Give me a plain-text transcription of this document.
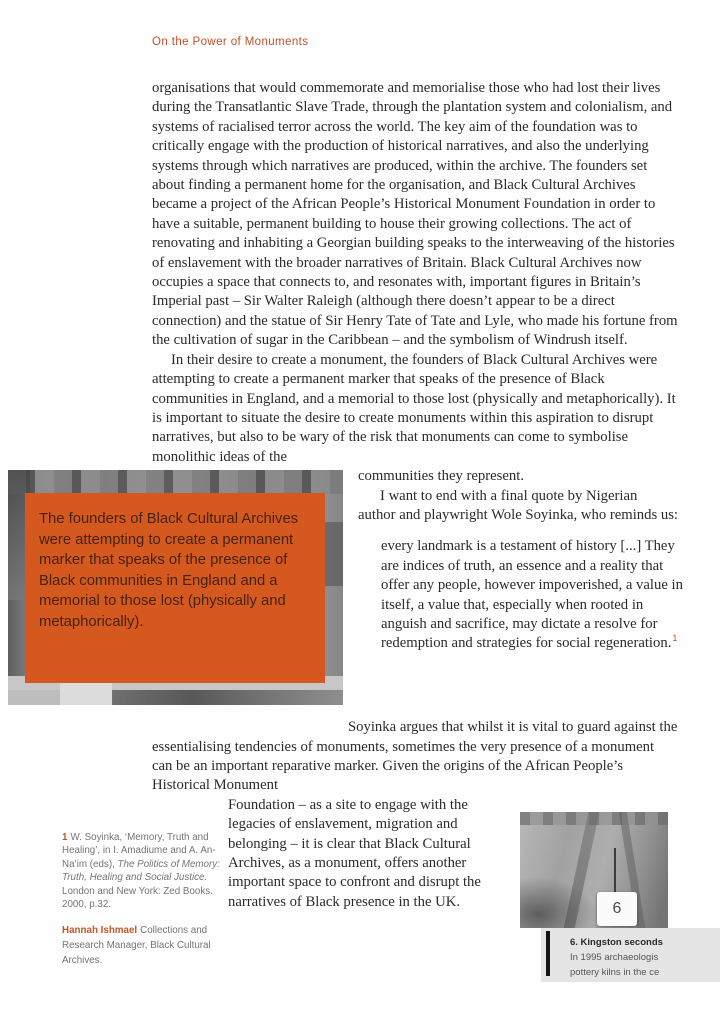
On the Power of Monuments

organisations that would commemorate and memorialise those who had lost their lives during the Transatlantic Slave Trade, through the plantation system and colonialism, and systems of racialised terror across the world. The key aim of the foundation was to critically engage with the production of historical narratives, and also the underlying systems through which narratives are produced, within the archive. The founders set about finding a permanent home for the organisation, and Black Cultural Archives became a project of the African People’s Historical Monument Foundation in order to have a suitable, permanent building to house their growing collections. The act of renovating and inhabiting a Georgian building speaks to the interweaving of the histories of enslavement with the broader narratives of Britain. Black Cultural Archives now occupies a space that connects to, and resonates with, important figures in Britain’s Imperial past – Sir Walter Raleigh (although there doesn’t appear to be a direct connection) and the statue of Sir Henry Tate of Tate and Lyle, who made his fortune from the cultivation of sugar in the Caribbean – and the symbolism of Windrush itself.

In their desire to create a monument, the founders of Black Cultural Archives were attempting to create a permanent marker that speaks of the presence of Black communities in England, and a memorial to those lost (physically and metaphorically). It is important to situate the desire to create monuments within this aspiration to disrupt narratives, but also to be wary of the risk that monuments can come to symbolise monolithic ideas of the

The founders of Black Cultural Archives were attempting to create a permanent marker that speaks of the presence of Black communities in England and a memorial to those lost (physically and metaphorically).

communities they represent.

I want to end with a final quote by Nigerian author and playwright Wole Soyinka, who reminds us:

every landmark is a testament of history [...] They are indices of truth, an essence and a reality that offer any people, however impoverished, a value in itself, a value that, especially when rooted in anguish and sacrifice, may dictate a resolve for redemption and strategies for social regeneration.$^1$

Soyinka argues that whilst it is vital to guard against the essentialising tendencies of monuments, sometimes the very presence of a monument can be an important reparative marker. Given the origins of the African People’s Historical Monument

Foundation – as a site to engage with the legacies of enslavement, migration and belonging – it is clear that Black Cultural Archives, as a monument, offers another important space to confront and disrupt the narratives of Black presence in the UK.

1 W. Soyinka, ‘Memory, Truth and Healing’, in I. Amadiume and A. An-Na’im (eds), The Politics of Memory: Truth, Healing and Social Justice. London and New York: Zed Books. 2000, p.32.

Hannah Ishmael Collections and Research Manager, Black Cultural Archives.

6
6. Kingston seconds
In 1995 archaeologis
pottery kilns in the ce
